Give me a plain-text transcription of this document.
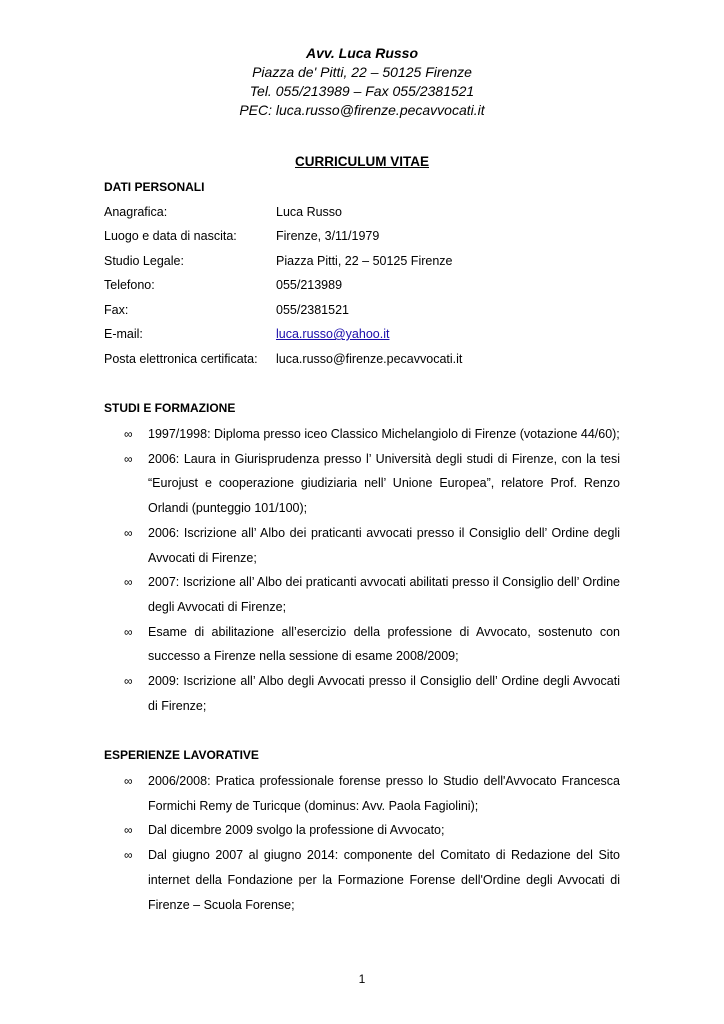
Avv. Luca Russo
Piazza de' Pitti, 22 – 50125 Firenze
Tel. 055/213989 – Fax 055/2381521
PEC: luca.russo@firenze.pecavvocati.it
CURRICULUM VITAE
DATI PERSONALI
Anagrafica:	Luca Russo
Luogo e data di nascita:	Firenze, 3/11/1979
Studio Legale:	Piazza Pitti, 22 – 50125 Firenze
Telefono:	055/213989
Fax:	055/2381521
E-mail:	luca.russo@yahoo.it
Posta elettronica certificata: luca.russo@firenze.pecavvocati.it
STUDI E FORMAZIONE
∞ 1997/1998: Diploma presso iceo Classico Michelangiolo di Firenze (votazione 44/60);
∞ 2006: Laura in Giurisprudenza presso l’ Università degli studi di Firenze, con la tesi “Eurojust e cooperazione giudiziaria nell’ Unione Europea”, relatore Prof. Renzo Orlandi (punteggio 101/100);
∞ 2006: Iscrizione all’ Albo dei praticanti avvocati presso il Consiglio dell’ Ordine degli Avvocati di Firenze;
∞ 2007: Iscrizione all’ Albo dei praticanti avvocati abilitati presso il Consiglio dell’ Ordine degli Avvocati di Firenze;
∞ Esame di abilitazione all’esercizio della professione di Avvocato, sostenuto con successo a Firenze nella sessione di esame 2008/2009;
∞ 2009: Iscrizione all’ Albo degli Avvocati presso il Consiglio dell’ Ordine degli Avvocati di Firenze;
ESPERIENZE LAVORATIVE
∞ 2006/2008: Pratica professionale forense presso lo Studio dell'Avvocato Francesca Formichi Remy de Turicque (dominus: Avv. Paola Fagiolini);
∞ Dal dicembre 2009 svolgo la professione di Avvocato;
∞ Dal giugno 2007 al giugno 2014: componente del Comitato di Redazione del Sito internet della Fondazione per la Formazione Forense dell'Ordine degli Avvocati di Firenze – Scuola Forense;
1
